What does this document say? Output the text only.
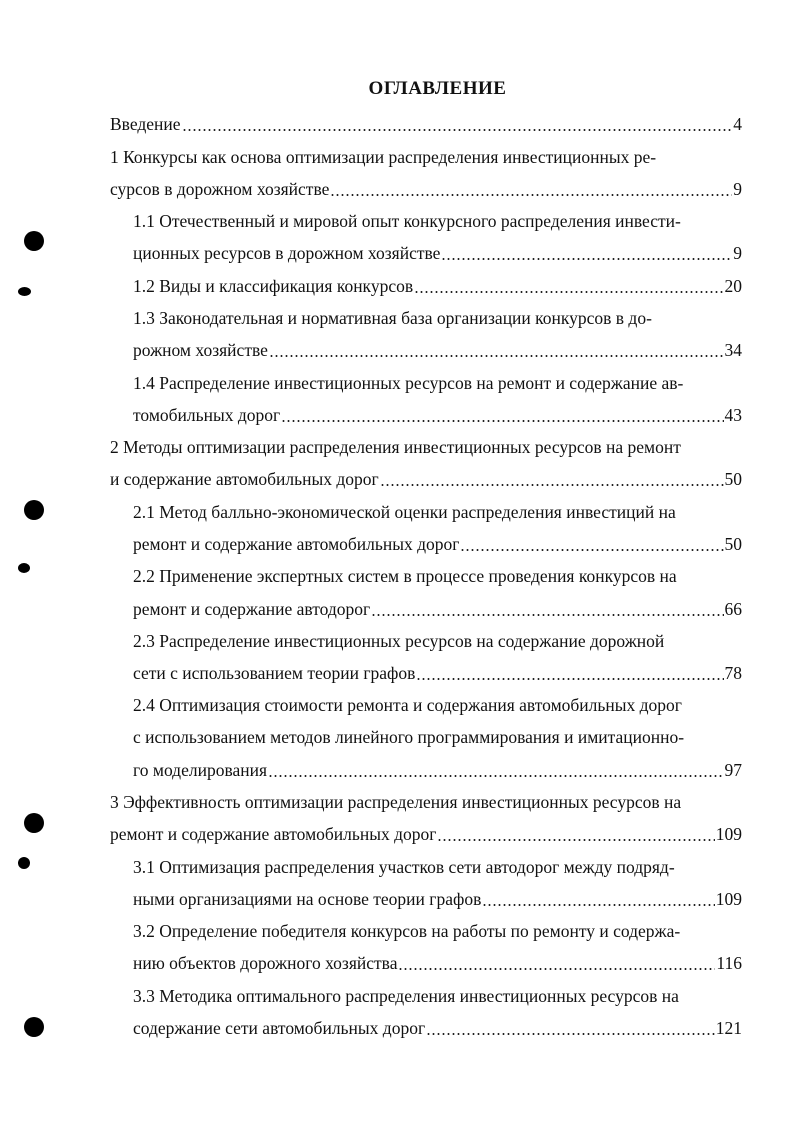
ОГЛАВЛЕНИЕ
Введение	4
1 Конкурсы как основа оптимизации распределения инвестиционных ре-
сурсов в дорожном хозяйстве	9
1.1 Отечественный и мировой опыт конкурсного распределения инвести-
ционных ресурсов в дорожном хозяйстве	9
1.2 Виды и классификация конкурсов	20
1.3 Законодательная и нормативная база организации конкурсов в до-
рожном хозяйстве	34
1.4 Распределение инвестиционных ресурсов на ремонт и содержание ав-
томобильных дорог	43
2 Методы оптимизации распределения инвестиционных ресурсов на ремонт
и содержание автомобильных дорог	50
2.1 Метод балльно-экономической оценки распределения инвестиций на
ремонт и содержание автомобильных дорог	50
2.2 Применение экспертных систем в процессе проведения конкурсов на
ремонт и содержание автодорог	66
2.3 Распределение инвестиционных ресурсов на содержание дорожной
сети с использованием теории графов	78
2.4 Оптимизация стоимости ремонта и содержания автомобильных дорог
с использованием методов линейного программирования и имитационно-
го моделирования	97
3 Эффективность оптимизации распределения инвестиционных ресурсов на
ремонт и содержание автомобильных дорог	109
3.1 Оптимизация распределения участков сети автодорог между подряд-
ными организациями на основе теории графов	109
3.2 Определение победителя конкурсов на работы по ремонту и содержа-
нию объектов дорожного хозяйства	116
3.3 Методика оптимального распределения инвестиционных ресурсов на
содержание сети автомобильных дорог	121
